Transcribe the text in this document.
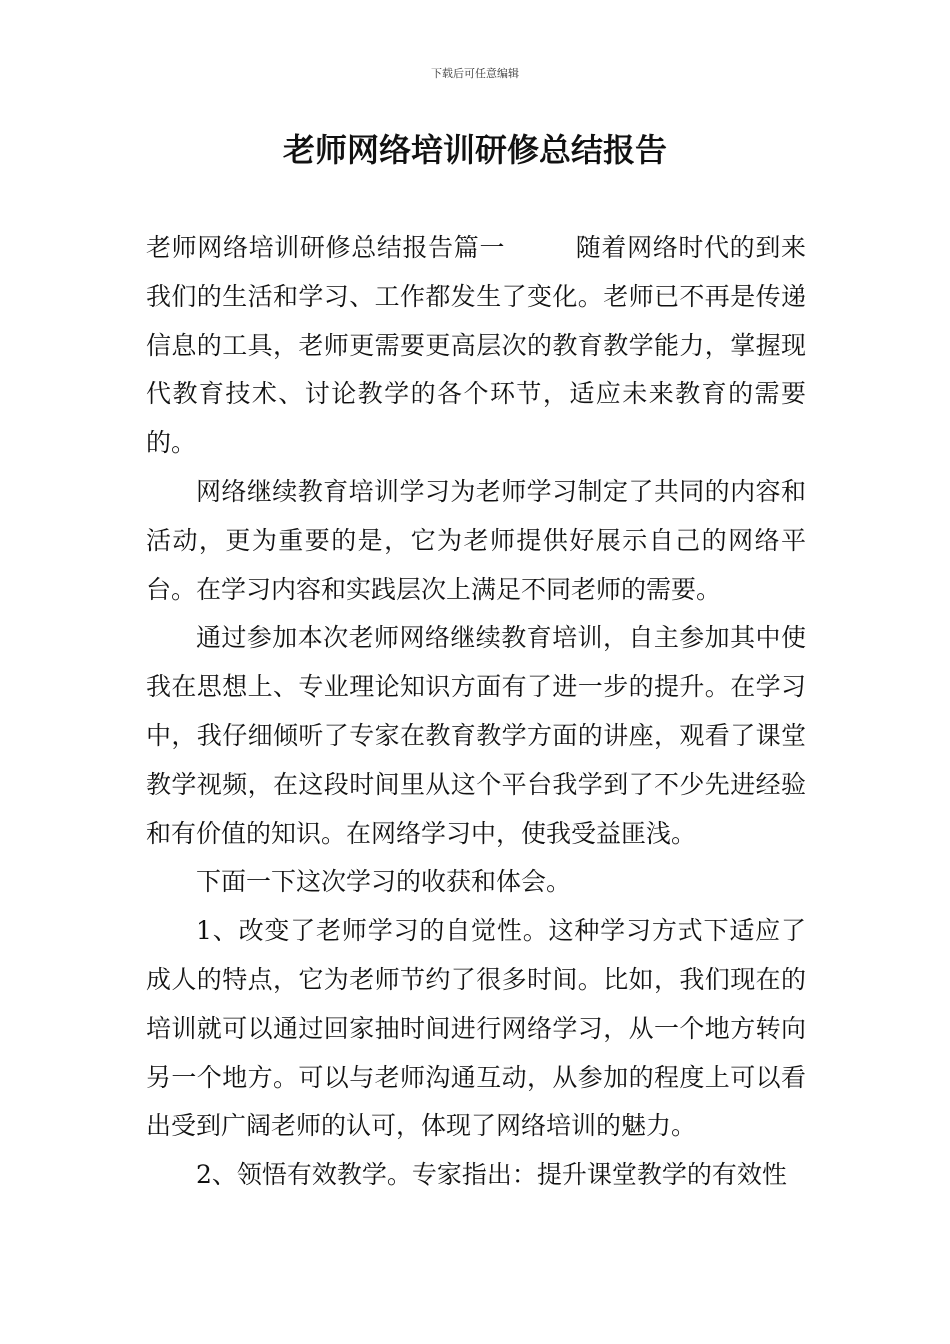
下载后可任意编辑
老师网络培训研修总结报告

老师网络培训研修总结报告篇一	随着网络时代的到来我们的生活和学习、工作都发生了变化。老师已不再是传递信息的工具，老师更需要更高层次的教育教学能力，掌握现代教育技术、讨论教学的各个环节，适应未来教育的需要的。

网络继续教育培训学习为老师学习制定了共同的内容和活动，更为重要的是，它为老师提供好展示自己的网络平台。在学习内容和实践层次上满足不同老师的需要。

通过参加本次老师网络继续教育培训，自主参加其中使我在思想上、专业理论知识方面有了进一步的提升。在学习中，我仔细倾听了专家在教育教学方面的讲座，观看了课堂教学视频，在这段时间里从这个平台我学到了不少先进经验和有价值的知识。在网络学习中，使我受益匪浅。

下面一下这次学习的收获和体会。

1、改变了老师学习的自觉性。这种学习方式下适应了成人的特点，它为老师节约了很多时间。比如，我们现在的培训就可以通过回家抽时间进行网络学习，从一个地方转向另一个地方。可以与老师沟通互动，从参加的程度上可以看出受到广阔老师的认可，体现了网络培训的魅力。

2、领悟有效教学。专家指出：提升课堂教学的有效性
